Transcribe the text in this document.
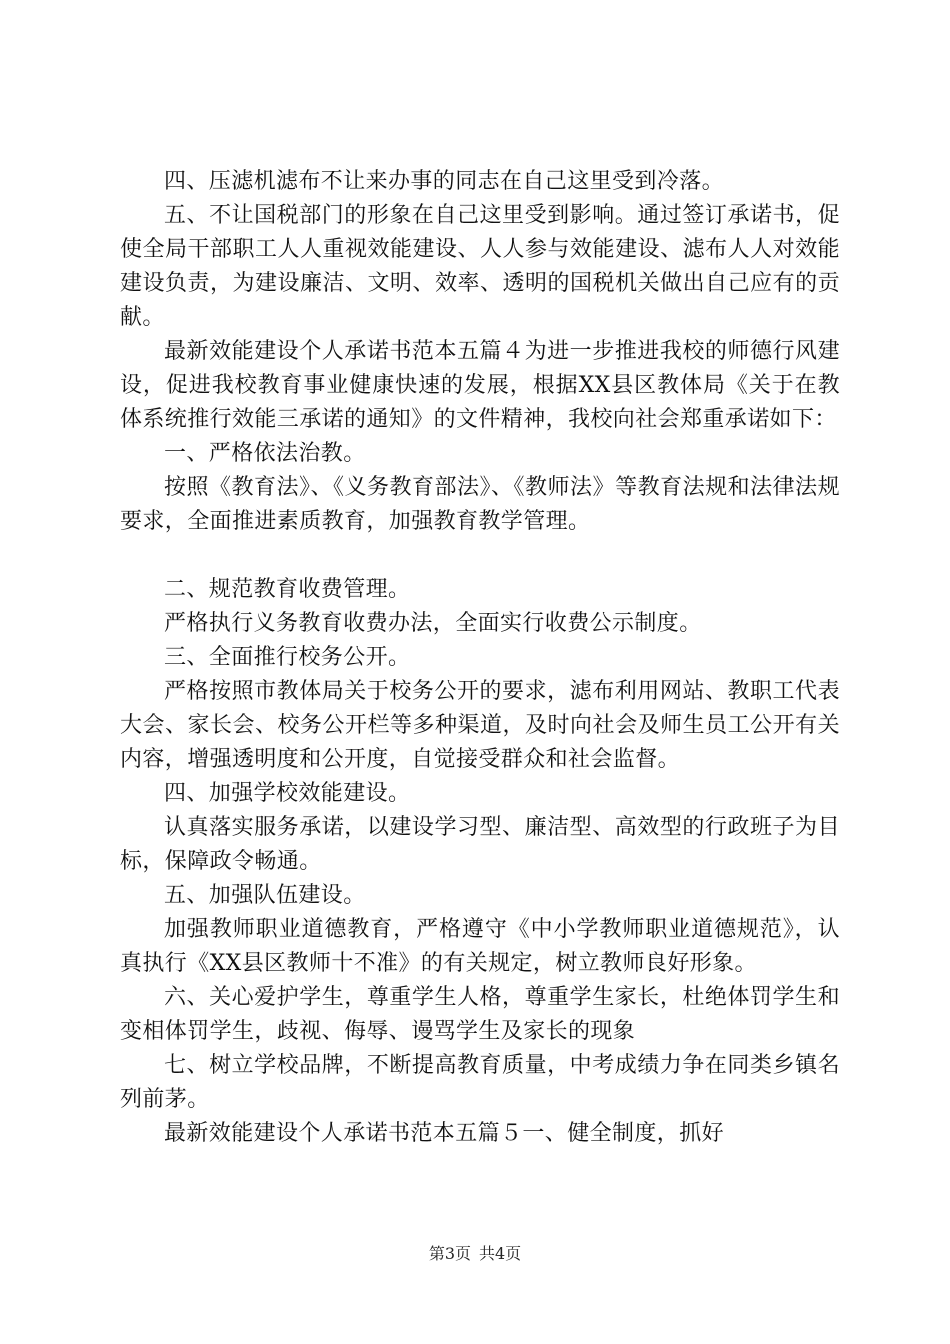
四、压滤机滤布不让来办事的同志在自己这里受到冷落。

五、不让国税部门的形象在自己这里受到影响。通过签订承诺书，促使全局干部职工人人重视效能建设、人人参与效能建设、滤布人人对效能建设负责，为建设廉洁、文明、效率、透明的国税机关做出自己应有的贡献。

最新效能建设个人承诺书范本五篇４为进一步推进我校的师德行风建设，促进我校教育事业健康快速的发展，根据XX县区教体局《关于在教体系统推行效能三承诺的通知》的文件精神，我校向社会郑重承诺如下：

一、严格依法治教。

按照《教育法》、《义务教育部法》、《教师法》等教育法规和法律法规要求，全面推进素质教育，加强教育教学管理。

二、规范教育收费管理。

严格执行义务教育收费办法，全面实行收费公示制度。

三、全面推行校务公开。

严格按照市教体局关于校务公开的要求，滤布利用网站、教职工代表大会、家长会、校务公开栏等多种渠道，及时向社会及师生员工公开有关内容，增强透明度和公开度，自觉接受群众和社会监督。

四、加强学校效能建设。

认真落实服务承诺，以建设学习型、廉洁型、高效型的行政班子为目标，保障政令畅通。

五、加强队伍建设。

加强教师职业道德教育，严格遵守《中小学教师职业道德规范》，认真执行《XX县区教师十不准》的有关规定，树立教师良好形象。

六、关心爱护学生，尊重学生人格，尊重学生家长，杜绝体罚学生和变相体罚学生，歧视、侮辱、谩骂学生及家长的现象

七、树立学校品牌，不断提高教育质量，中考成绩力争在同类乡镇名列前茅。

最新效能建设个人承诺书范本五篇５一、健全制度，抓好

第3页 共4页
